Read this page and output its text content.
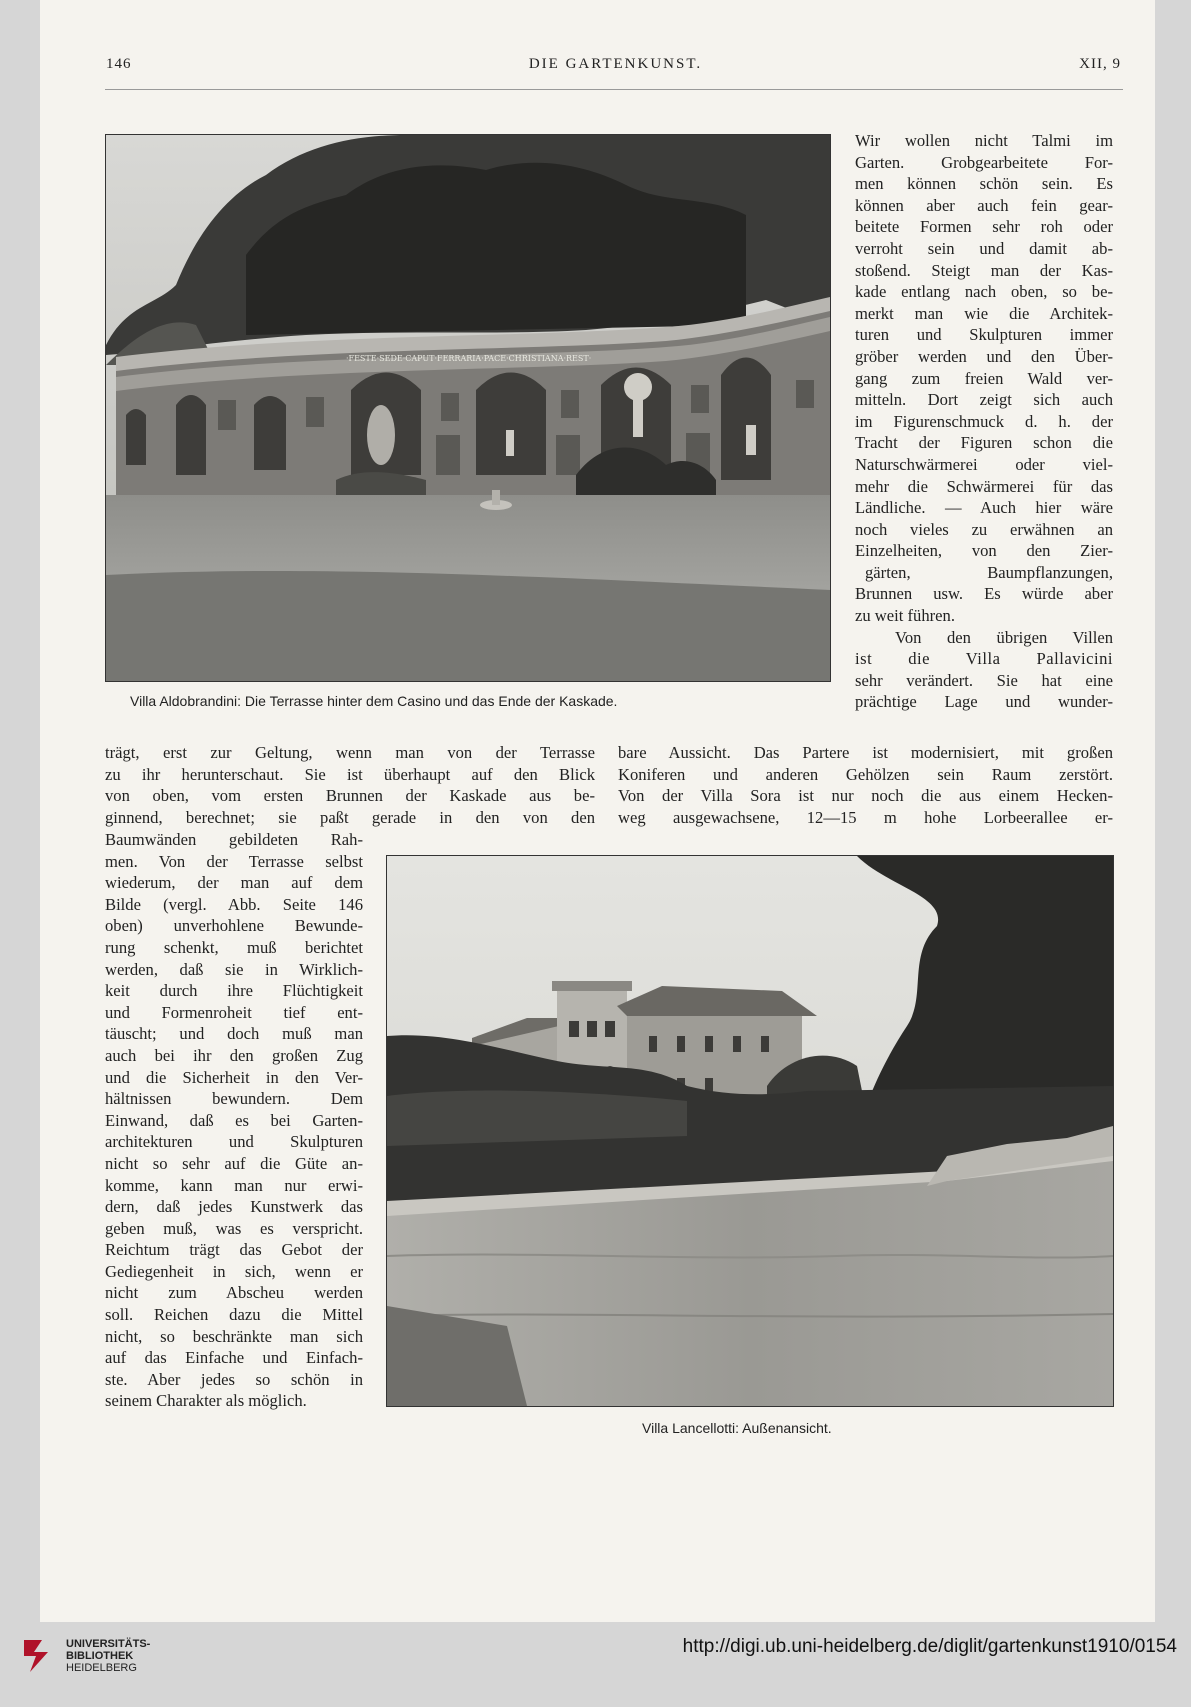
146	DIE GARTENKUNST.	XII, 9
·FESTE·SEDE·CAPUT·FERRARIA·PACE·CHRISTIANA·REST·
Villa Aldobrandini: Die Terrasse hinter dem Casino und das Ende der Kaskade.
Wir wollen nicht Talmi im
Garten. Grobgearbeitete For-
men können schön sein. Es
können aber auch fein gear-
beitete Formen sehr roh oder
verroht sein und damit ab-
stoßend. Steigt man der Kas-
kade entlang nach oben, so be-
merkt man wie die Architek-
turen und Skulpturen immer
gröber werden und den Über-
gang zum freien Wald ver-
mitteln. Dort zeigt sich auch
im Figurenschmuck d. h. der
Tracht der Figuren schon die
Naturschwärmerei oder viel-
mehr die Schwärmerei für das
Ländliche. — Auch hier wäre
noch vieles zu erwähnen an
Einzelheiten, von den Zier-
gärten, Baumpflanzungen,
Brunnen usw. Es würde aber
zu weit führen.
Von den übrigen Villen
ist die Villa Pallavicini
sehr verändert. Sie hat eine
prächtige Lage und wunder-
trägt, erst zur Geltung, wenn man von der Terrasse
zu ihr herunterschaut. Sie ist überhaupt auf den Blick
von oben, vom ersten Brunnen der Kaskade aus be-
ginnend, berechnet; sie paßt gerade in den von den
bare Aussicht. Das Partere ist modernisiert, mit großen
Koniferen und anderen Gehölzen sein Raum zerstört.
Von der Villa Sora ist nur noch die aus einem Hecken-
weg ausgewachsene, 12—15 m hohe Lorbeerallee er-
Baumwänden gebildeten Rah-
men. Von der Terrasse selbst
wiederum, der man auf dem
Bilde (vergl. Abb. Seite 146
oben) unverhohlene Bewunde-
rung schenkt, muß berichtet
werden, daß sie in Wirklich-
keit durch ihre Flüchtigkeit
und Formenroheit tief ent-
täuscht; und doch muß man
auch bei ihr den großen Zug
und die Sicherheit in den Ver-
hältnissen bewundern. Dem
Einwand, daß es bei Garten-
architekturen und Skulpturen
nicht so sehr auf die Güte an-
komme, kann man nur erwi-
dern, daß jedes Kunstwerk das
geben muß, was es verspricht.
Reichtum trägt das Gebot der
Gediegenheit in sich, wenn er
nicht zum Abscheu werden
soll. Reichen dazu die Mittel
nicht, so beschränkte man sich
auf das Einfache und Einfach-
ste. Aber jedes so schön in
seinem Charakter als möglich.
Villa Lancellotti: Außenansicht.
UNIVERSITÄTS-
BIBLIOTHEK
HEIDELBERG
http://digi.ub.uni-heidelberg.de/diglit/gartenkunst1910/0154
